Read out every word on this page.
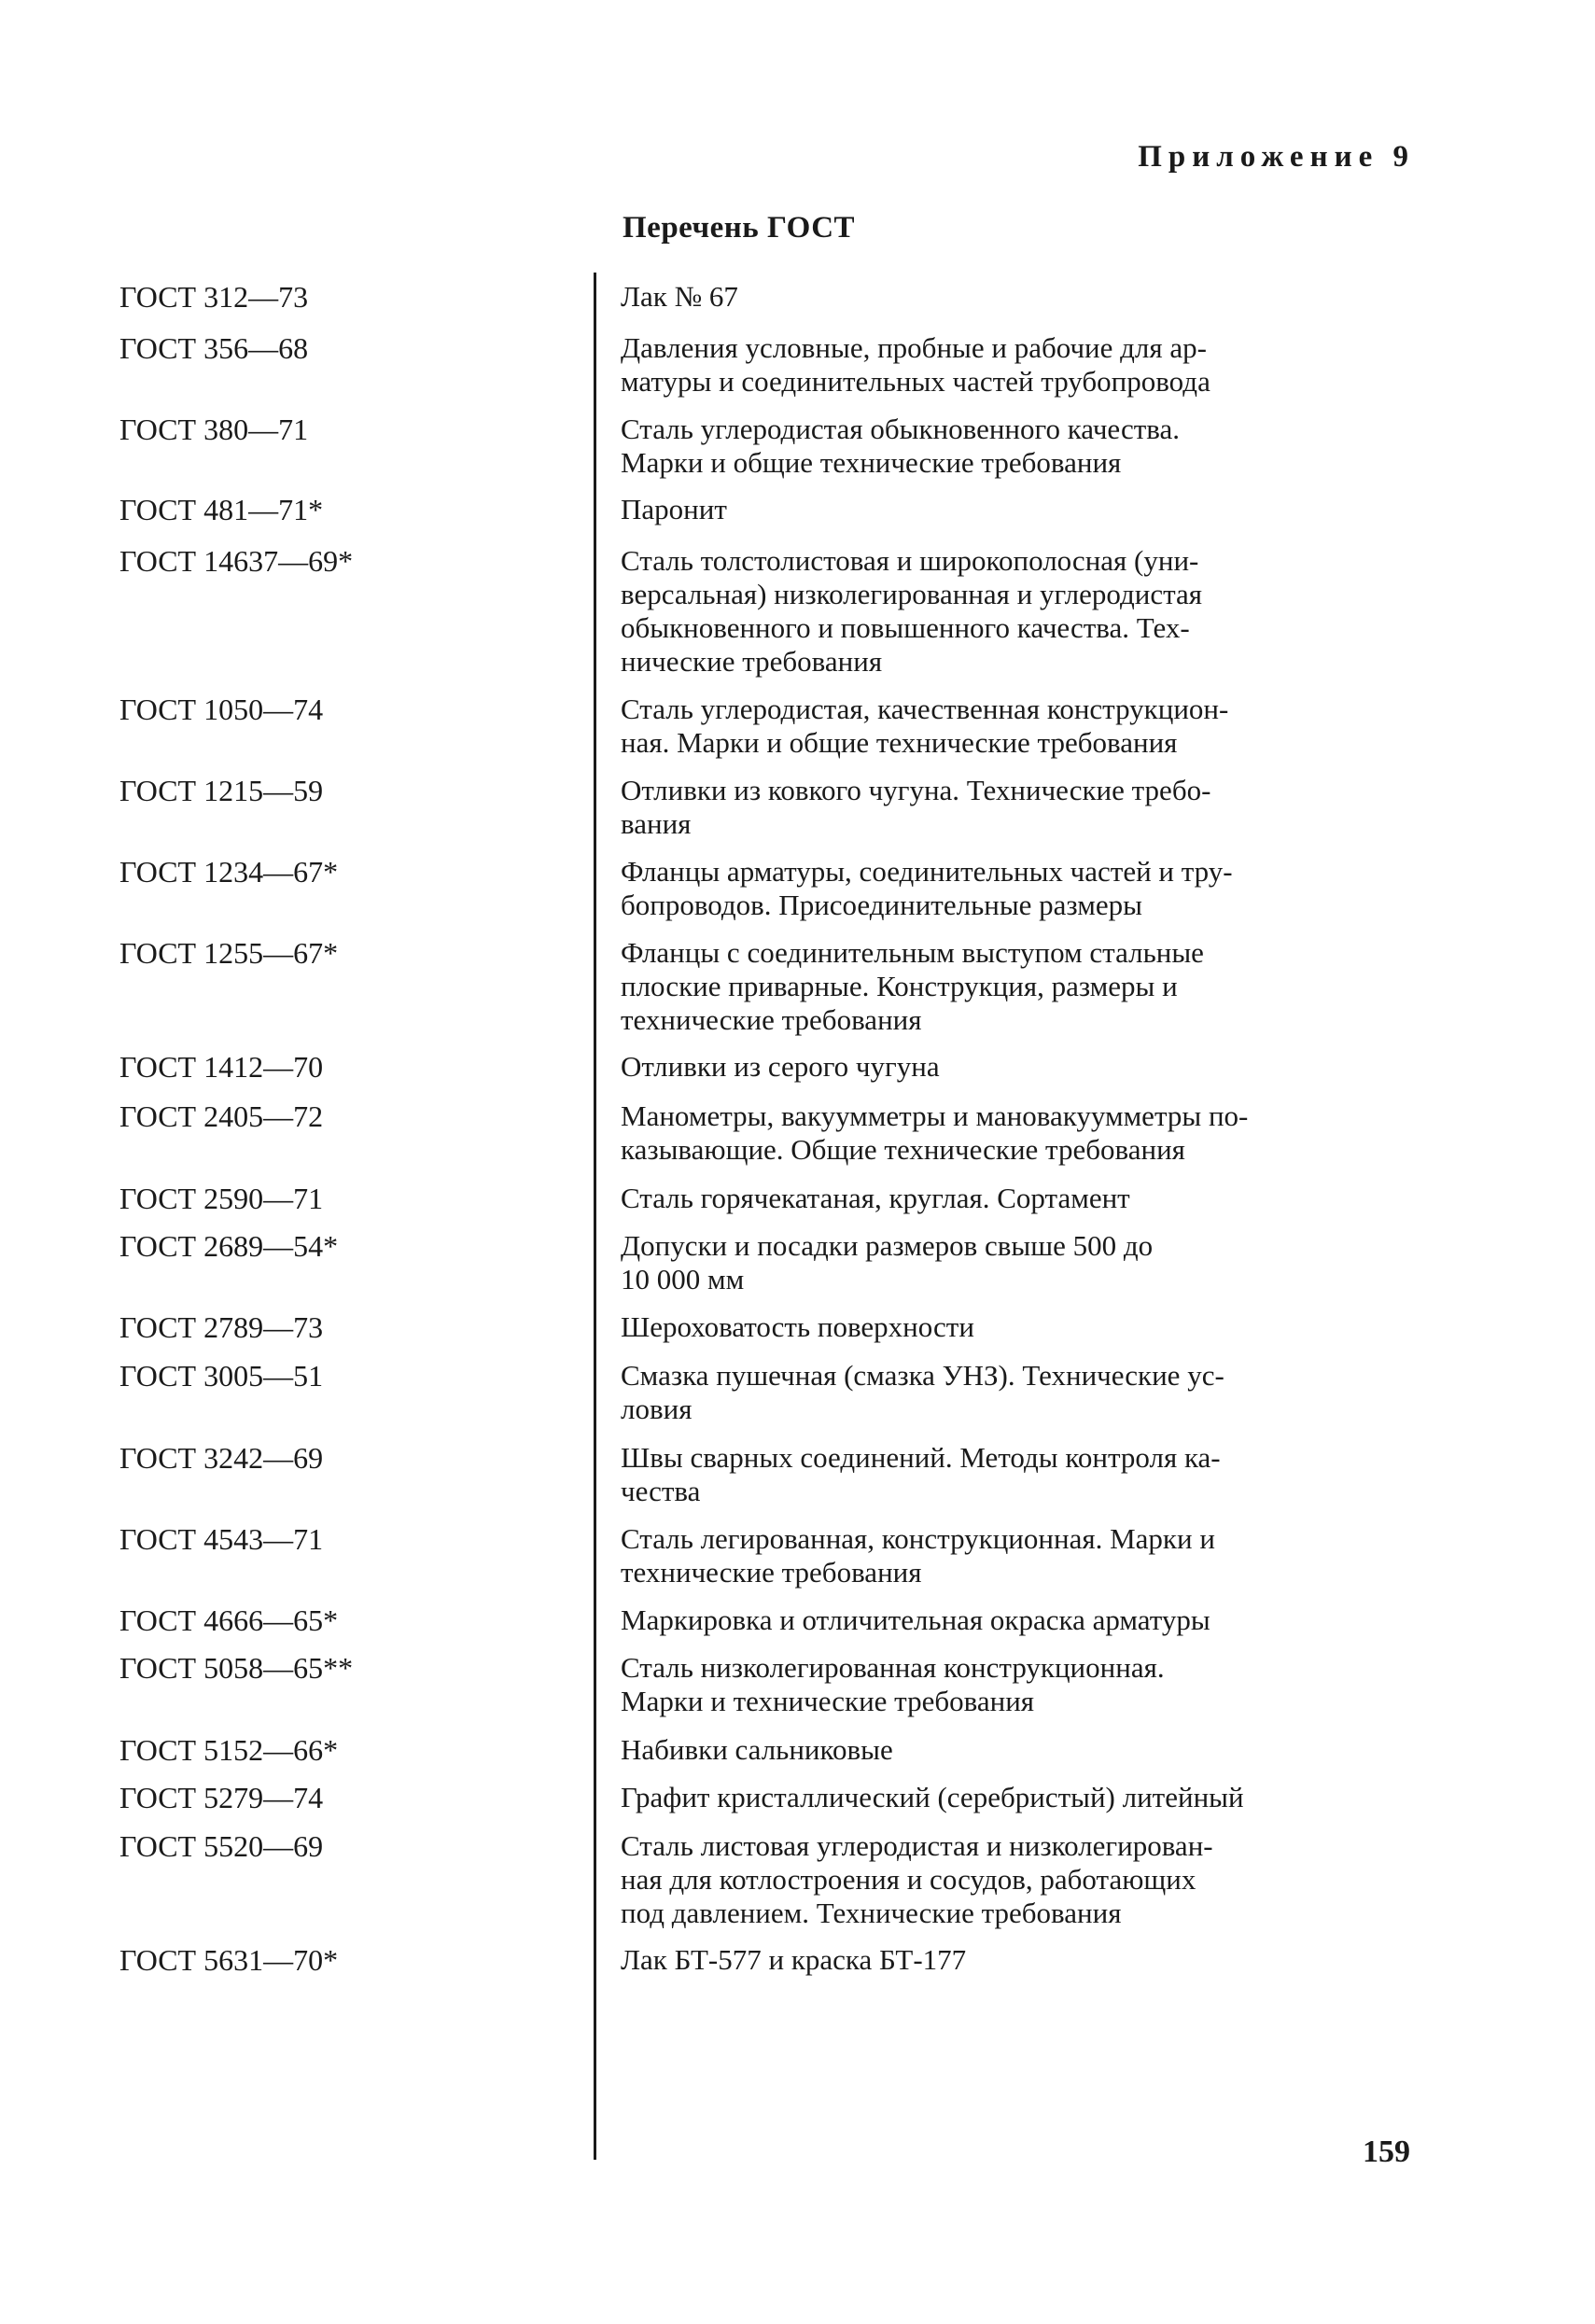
Приложение 9
Перечень ГОСТ
ГОСТ 312—73	Лак № 67
ГОСТ 356—68	Давления условные, пробные и рабочие для ар-
матуры и соединительных частей трубопровода
ГОСТ 380—71	Сталь углеродистая обыкновенного качества.
Марки и общие технические требования
ГОСТ 481—71*	Паронит
ГОСТ 14637—69*	Сталь толстолистовая и широкополосная (уни-
версальная) низколегированная и углеродистая
обыкновенного и повышенного качества. Тех-
нические требования
ГОСТ 1050—74	Сталь углеродистая, качественная конструкцион-
ная. Марки и общие технические требования
ГОСТ 1215—59	Отливки из ковкого чугуна. Технические требо-
вания
ГОСТ 1234—67*	Фланцы арматуры, соединительных частей и тру-
бопроводов. Присоединительные размеры
ГОСТ 1255—67*	Фланцы с соединительным выступом стальные
плоские приварные. Конструкция, размеры и
технические требования
ГОСТ 1412—70	Отливки из серого чугуна
ГОСТ 2405—72	Манометры, вакуумметры и мановакуумметры по-
казывающие. Общие технические требования
ГОСТ 2590—71	Сталь горячекатаная, круглая. Сортамент
ГОСТ 2689—54*	Допуски и посадки размеров свыше 500 до
10 000 мм
ГОСТ 2789—73	Шероховатость поверхности
ГОСТ 3005—51	Смазка пушечная (смазка УНЗ). Технические ус-
ловия
ГОСТ 3242—69	Швы сварных соединений. Методы контроля ка-
чества
ГОСТ 4543—71	Сталь легированная, конструкционная. Марки и
технические требования
ГОСТ 4666—65*	Маркировка и отличительная окраска арматуры
ГОСТ 5058—65**	Сталь низколегированная конструкционная.
Марки и технические требования
ГОСТ 5152—66*	Набивки сальниковые
ГОСТ 5279—74	Графит кристаллический (серебристый) литейный
ГОСТ 5520—69	Сталь листовая углеродистая и низколегирован-
ная для котлостроения и сосудов, работающих
под давлением. Технические требования
ГОСТ 5631—70*	Лак БТ-577 и краска БТ-177
159
